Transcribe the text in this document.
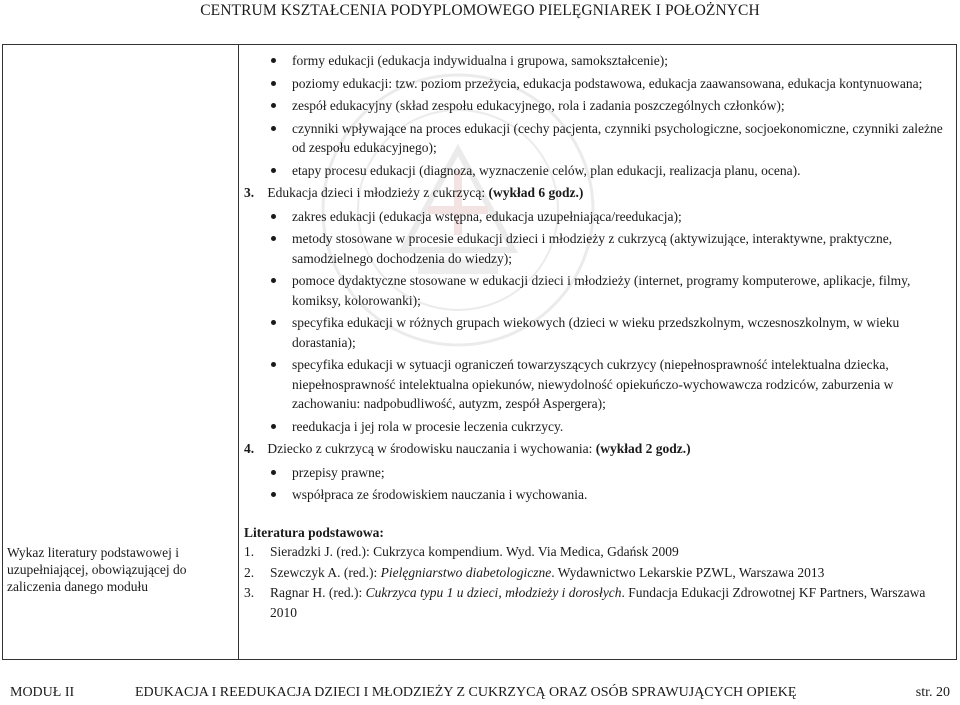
CENTRUM KSZTAŁCENIA PODYPLOMOWEGO PIELĘGNIAREK I POŁOŻNYCH
Wykaz literatury podstawowej i uzupełniającej, obowiązującej do zaliczenia danego modułu
formy edukacji (edukacja indywidualna i grupowa, samokształcenie);
poziomy edukacji: tzw. poziom przeżycia, edukacja podstawowa, edukacja zaawansowana, edukacja kontynuowana;
zespół edukacyjny (skład zespołu edukacyjnego, rola i zadania poszczególnych członków);
czynniki wpływające na proces edukacji (cechy pacjenta, czynniki psychologiczne, socjoekonomiczne, czynniki zależne od zespołu edukacyjnego);
etapy procesu edukacji (diagnoza, wyznaczenie celów, plan edukacji, realizacja planu, ocena).
3. Edukacja dzieci i młodzieży z cukrzycą: (wykład 6 godz.)
zakres edukacji (edukacja wstępna, edukacja uzupełniająca/reedukacja);
metody stosowane w procesie edukacji dzieci i młodzieży z cukrzycą (aktywizujące, interaktywne, praktyczne, samodzielnego dochodzenia do wiedzy);
pomoce dydaktyczne stosowane w edukacji dzieci i młodzieży (internet, programy komputerowe, aplikacje, filmy, komiksy, kolorowanki);
specyfika edukacji w różnych grupach wiekowych (dzieci w wieku przedszkolnym, wczesnoszkolnym, w wieku dorastania);
specyfika edukacji w sytuacji ograniczeń towarzyszących cukrzycy (niepełnosprawność intelektualna dziecka, niepełnosprawność intelektualna opiekunów, niewydolność opiekuńczo-wychowawcza rodziców, zaburzenia w zachowaniu: nadpobudliwość, autyzm, zespół Aspergera);
reedukacja i jej rola w procesie leczenia cukrzycy.
4. Dziecko z cukrzycą w środowisku nauczania i wychowania: (wykład 2 godz.)
przepisy prawne;
współpraca ze środowiskiem nauczania i wychowania.
Literatura podstawowa:
1. Sieradzki J. (red.): Cukrzyca kompendium. Wyd. Via Medica, Gdańsk 2009
2. Szewczyk A. (red.): Pielęgniarstwo diabetologiczne. Wydawnictwo Lekarskie PZWL, Warszawa 2013
3. Ragnar H. (red.): Cukrzyca typu 1 u dzieci, młodzieży i dorosłych. Fundacja Edukacji Zdrowotnej KF Partners, Warszawa 2010
MODUŁ II	EDUKACJA I REEDUKACJA DZIECI I MŁODZIEŻY Z CUKRZYCĄ ORAZ OSÓB SPRAWUJĄCYCH OPIEKĘ	str. 20
